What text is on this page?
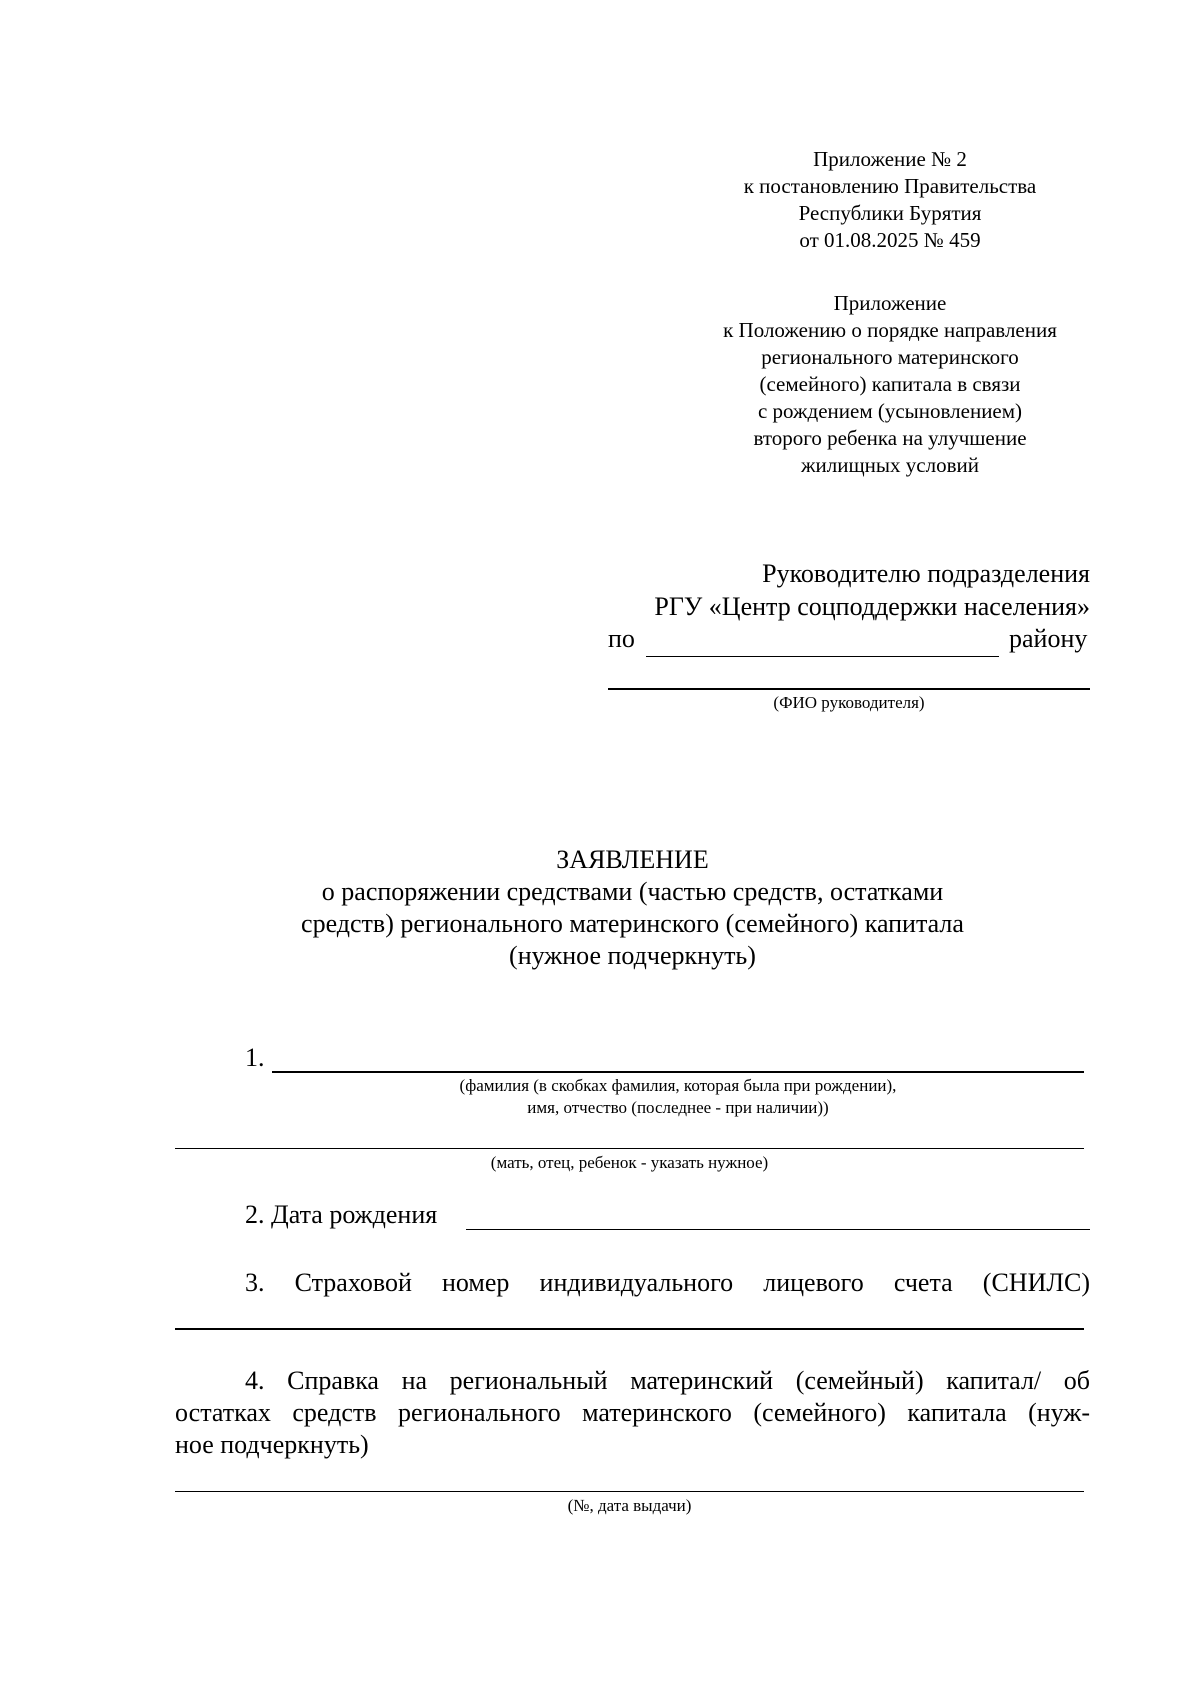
Приложение № 2
к постановлению Правительства
Республики Бурятия
от 01.08.2025 № 459
Приложение
к Положению о порядке направления
регионального материнского
(семейного) капитала в связи
с рождением (усыновлением)
второго ребенка на улучшение
жилищных условий
Руководителю подразделения
РГУ «Центр соцподдержки населения»
по	району
(ФИО руководителя)
ЗАЯВЛЕНИЕ
о распоряжении средствами (частью средств, остатками
средств) регионального материнского (семейного) капитала
(нужное подчеркнуть)
1.
(фамилия (в скобках фамилия, которая была при рождении),
имя, отчество (последнее - при наличии))
(мать, отец, ребенок - указать нужное)
2. Дата рождения
3. Страховой номер индивидуального лицевого счета (СНИЛС)
4. Справка на региональный материнский (семейный) капитал/ об
остатках средств регионального материнского (семейного) капитала (нуж-
ное подчеркнуть)
(№, дата выдачи)
